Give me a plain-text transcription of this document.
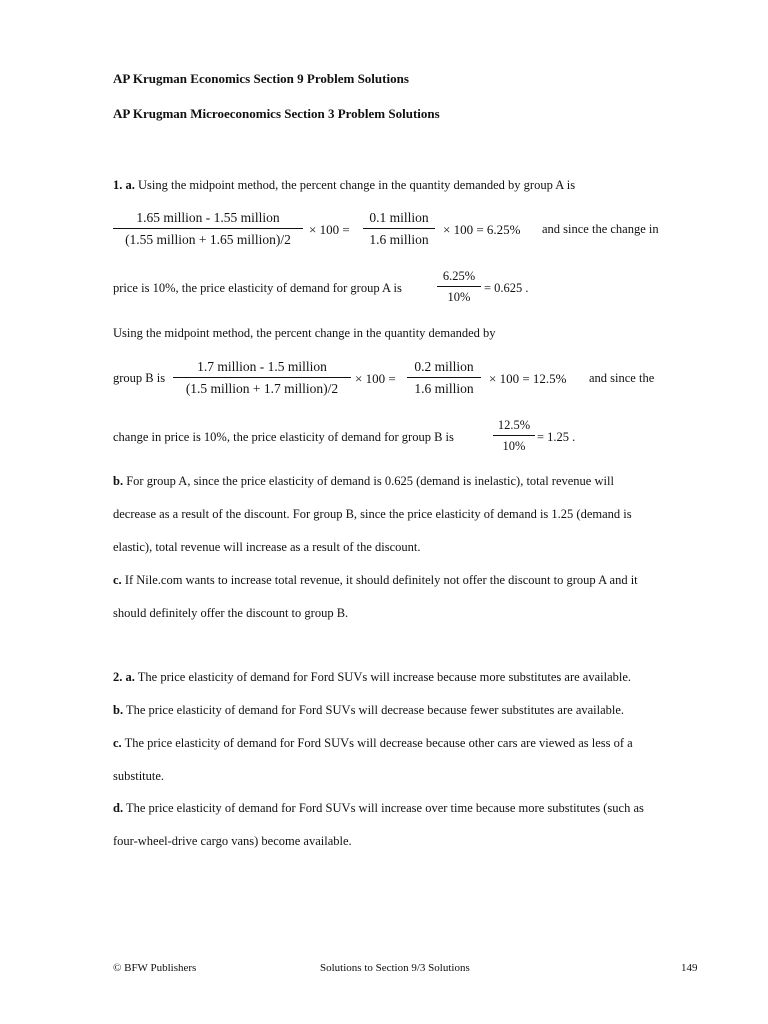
AP Krugman Economics Section 9 Problem Solutions
AP Krugman Microeconomics Section 3 Problem Solutions
1. a. Using the midpoint method, the percent change in the quantity demanded by group A is
1.65 million - 1.55 million
(1.55 million + 1.65 million)/2
× 100 =
0.1 million
1.6 million
× 100 = 6.25% and since the change in
price is 10%, the price elasticity of demand for group A is	$\frac{6.25\%}{10\%} = 0.625$ .
Using the midpoint method, the percent change in the quantity demanded by
group B is
1.7 million - 1.5 million
(1.5 million + 1.7 million)/2
× 100 =
0.2 million
1.6 million
× 100 = 12.5% and since the
change in price is 10%, the price elasticity of demand for group B is	$\frac{12.5\%}{10\%} = 1.25$ .
b. For group A, since the price elasticity of demand is 0.625 (demand is inelastic), total revenue will
decrease as a result of the discount. For group B, since the price elasticity of demand is 1.25 (demand is
elastic), total revenue will increase as a result of the discount.
c. If Nile.com wants to increase total revenue, it should definitely not offer the discount to group A and it
should definitely offer the discount to group B.
2. a. The price elasticity of demand for Ford SUVs will increase because more substitutes are available.
b. The price elasticity of demand for Ford SUVs will decrease because fewer substitutes are available.
c. The price elasticity of demand for Ford SUVs will decrease because other cars are viewed as less of a
substitute.
d. The price elasticity of demand for Ford SUVs will increase over time because more substitutes (such as
four-wheel-drive cargo vans) become available.
© BFW Publishers	Solutions to Section 9/3 Solutions	149
